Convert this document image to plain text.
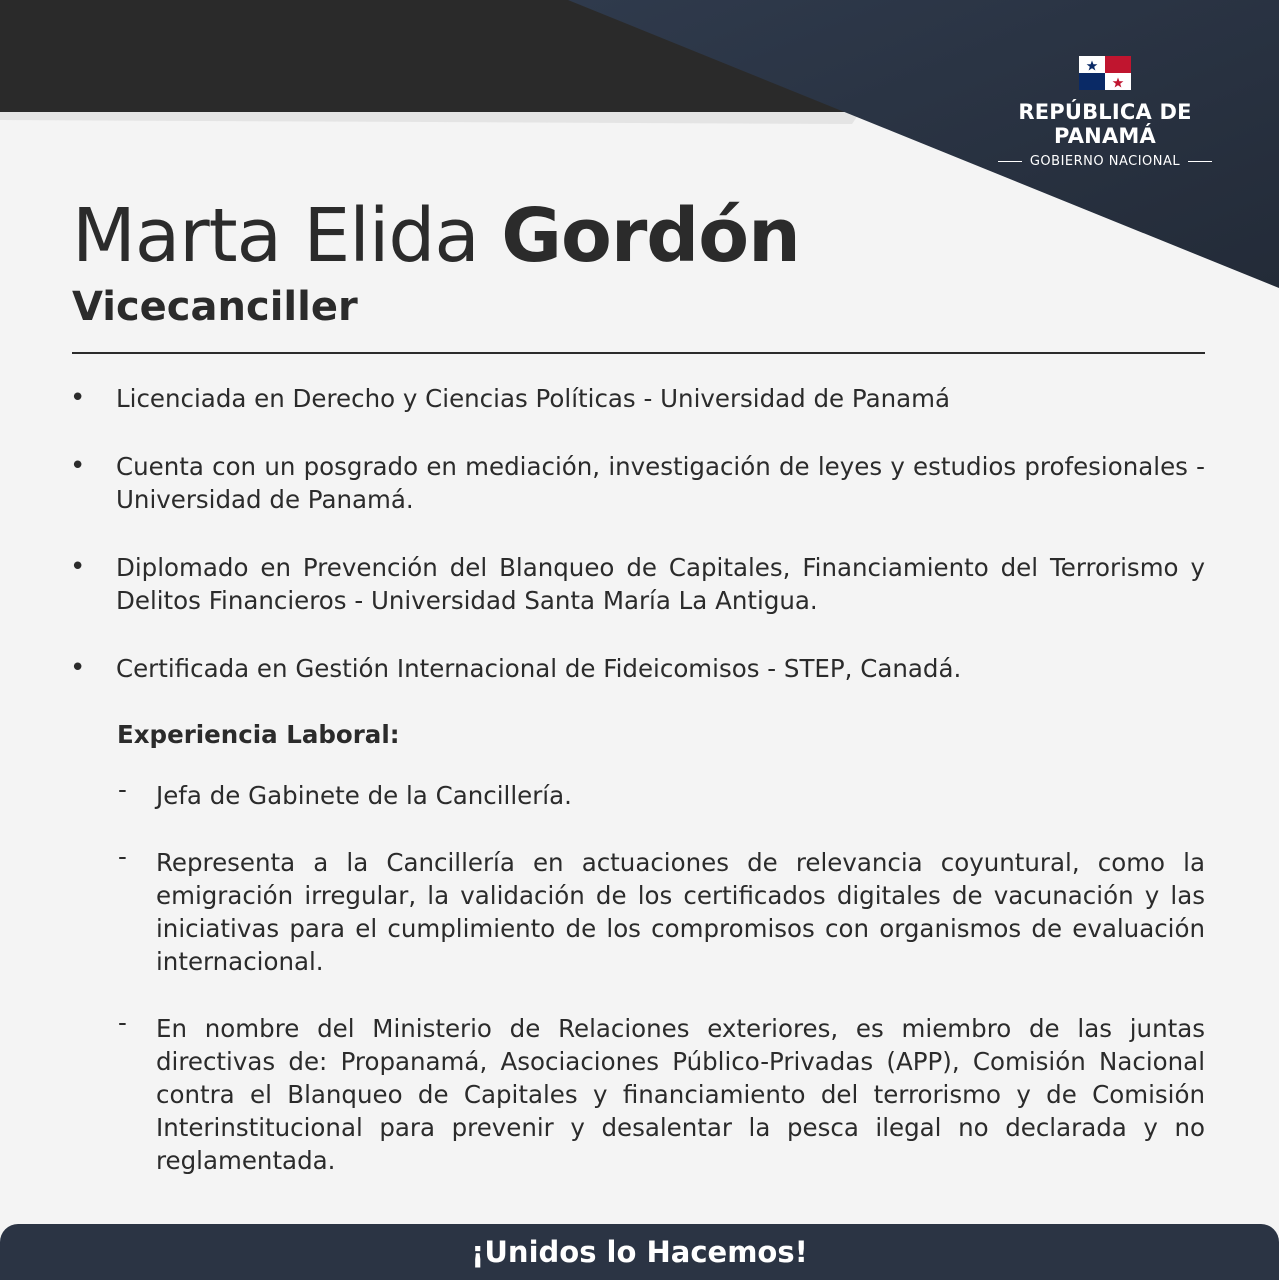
REPÚBLICA DE PANAMÁ
GOBIERNO NACIONAL
Marta Elida Gordón
Vicecanciller
• Licenciada en Derecho y Ciencias Políticas - Universidad de Panamá
• Cuenta con un posgrado en mediación, investigación de leyes y estudios profesionales - Universidad de Panamá.
• Diplomado en Prevención del Blanqueo de Capitales, Financiamiento del Terrorismo y Delitos Financieros - Universidad Santa María La Antigua.
• Certificada en Gestión Internacional de Fideicomisos - STEP, Canadá.
Experiencia Laboral:
- Jefa de Gabinete de la Cancillería.
- Representa a la Cancillería en actuaciones de relevancia coyuntural, como la emigración irregular, la validación de los certificados digitales de vacunación y las iniciativas para el cumplimiento de los compromisos con organismos de evaluación internacional.
- En nombre del Ministerio de Relaciones exteriores, es miembro de las juntas directivas de: Propanamá, Asociaciones Público-Privadas (APP), Comisión Nacional contra el Blanqueo de Capitales y financiamiento del terrorismo y de Comisión Interinstitucional para prevenir y desalentar la pesca ilegal no declarada y no reglamentada.
¡Unidos lo Hacemos!
